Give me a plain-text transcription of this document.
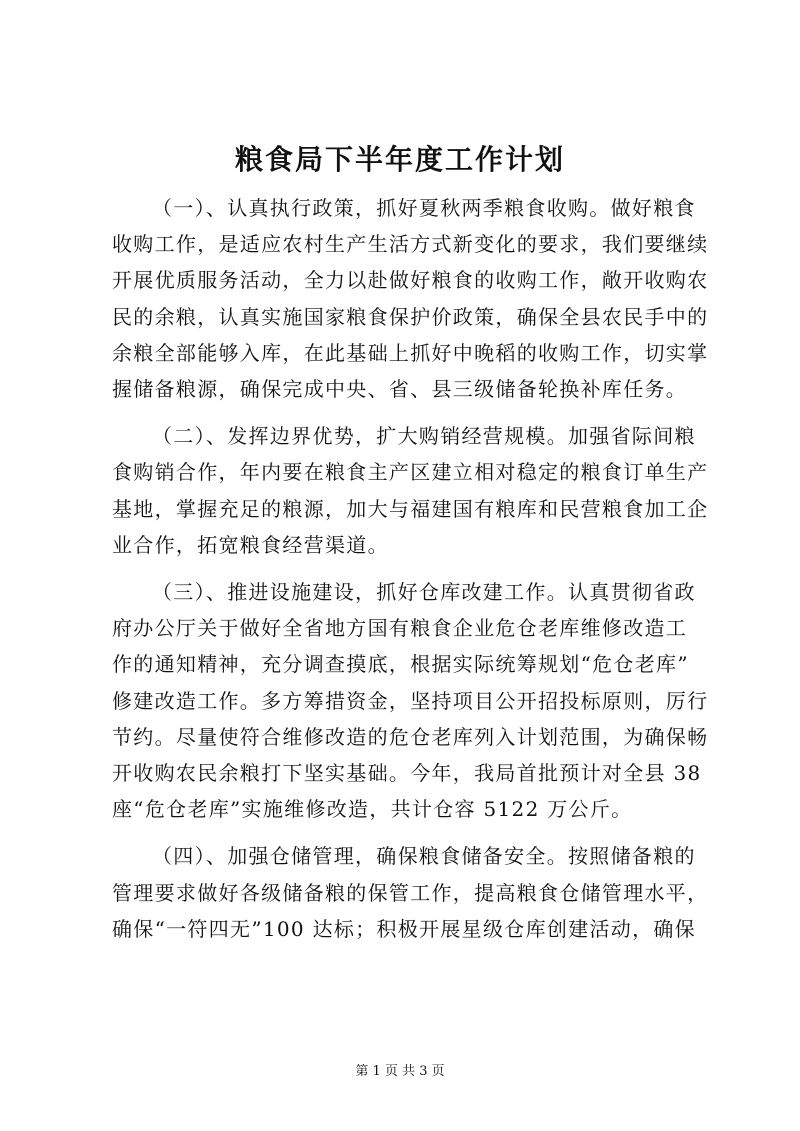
粮食局下半年度工作计划

（一）、认真执行政策，抓好夏秋两季粮食收购。做好粮食
收购工作，是适应农村生产生活方式新变化的要求，我们要继续
开展优质服务活动，全力以赴做好粮食的收购工作，敞开收购农
民的余粮，认真实施国家粮食保护价政策，确保全县农民手中的
余粮全部能够入库，在此基础上抓好中晚稻的收购工作，切实掌
握储备粮源，确保完成中央、省、县三级储备轮换补库任务。

（二）、发挥边界优势，扩大购销经营规模。加强省际间粮
食购销合作，年内要在粮食主产区建立相对稳定的粮食订单生产
基地，掌握充足的粮源，加大与福建国有粮库和民营粮食加工企
业合作，拓宽粮食经营渠道。

（三）、推进设施建设，抓好仓库改建工作。认真贯彻省政
府办公厅关于做好全省地方国有粮食企业危仓老库维修改造工
作的通知精神，充分调查摸底，根据实际统筹规划“危仓老库”
修建改造工作。多方筹措资金，坚持项目公开招投标原则，厉行
节约。尽量使符合维修改造的危仓老库列入计划范围，为确保畅
开收购农民余粮打下坚实基础。今年，我局首批预计对全县 38
座“危仓老库”实施维修改造，共计仓容 5122 万公斤。

（四）、加强仓储管理，确保粮食储备安全。按照储备粮的
管理要求做好各级储备粮的保管工作，提高粮食仓储管理水平，
确保“一符四无”100 达标；积极开展星级仓库创建活动，确保

第 1 页 共 3 页
